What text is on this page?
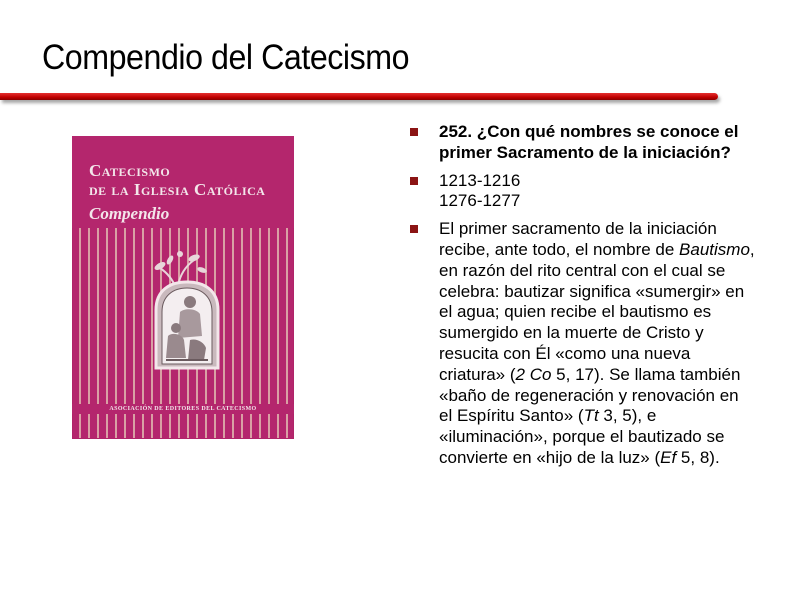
Compendio del Catecismo
Catecismo
de la Iglesia Católica
Compendio
ASOCIACIÓN DE EDITORES DEL CATECISMO
252. ¿Con qué nombres se conoce el primer Sacramento de la iniciación?
1213-1216
1276-1277
El primer sacramento de la iniciación recibe, ante todo, el nombre de Bautismo, en razón del rito central con el cual se celebra: bautizar significa «sumergir» en el agua; quien recibe el bautismo es sumergido en la muerte de Cristo y resucita con Él «como una nueva criatura» (2 Co 5, 17). Se llama también «baño de regeneración y renovación en el Espíritu Santo» (Tt 3, 5), e «iluminación», porque el bautizado se convierte en «hijo de la luz» (Ef 5, 8).
